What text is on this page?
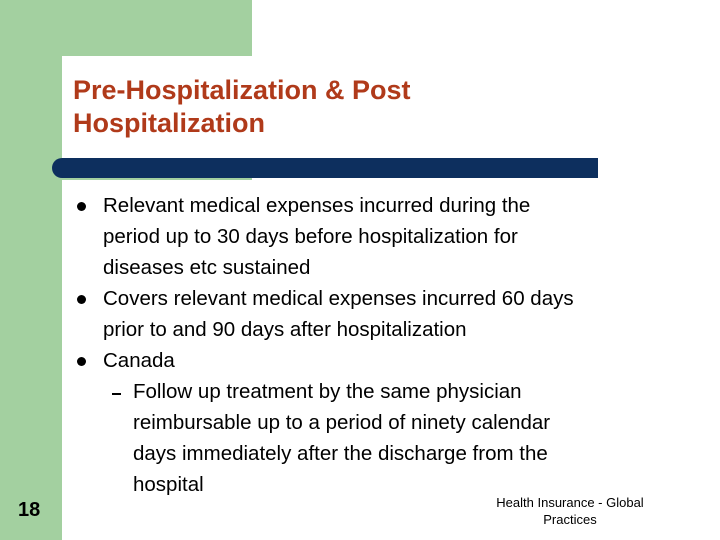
Pre-Hospitalization & Post
Hospitalization
Relevant medical expenses incurred during the
period up to 30 days before hospitalization for
diseases etc sustained
Covers relevant medical expenses incurred 60 days
prior to and 90 days after hospitalization
Canada
Follow up treatment by the same physician
reimbursable up to a period of ninety calendar
days immediately after the discharge from the
hospital
18	Health Insurance - Global
Practices
